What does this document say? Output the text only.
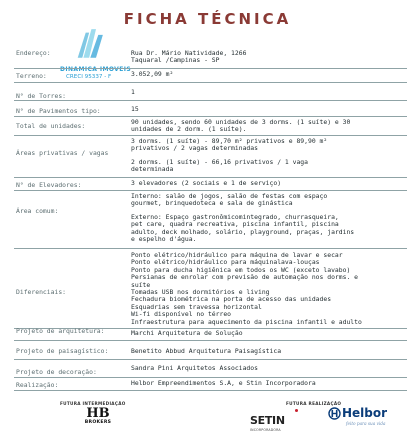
FICHA TÉCNICA
DINAMICA IMOVEIS
CRECI 95337 - F
Endereço:	Rua Dr. Mário Natividade, 1266
Taquaral /Campinas - SP
Terreno:	3.052,09 m²
N° de Torres:	1
N° de Pavimentos tipo:	15
Total de unidades:	90 unidades, sendo 60 unidades de 3 dorms. (1 suíte) e 30
unidades de 2 dorm. (1 suíte).
Áreas privativas / vagas
3 dorms. (1 suíte) - 89,70 m² privativos e 89,90 m²
privativos / 2 vagas determinadas
2 dorms. (1 suíte) - 66,16 privativos / 1 vaga
determinada
N° de Elevadores:	3 elevadores (2 sociais e 1 de serviço)
Área comum:
Interno: salão de jogos, salão de festas com espaço
gourmet, brinquedoteca e sala de ginástica
Externo: Espaço gastronômicomintegrado, churrasqueira,
pet care, quadra recreativa, piscina infantil, piscina
adulto, deck molhado, solário, playground, praças, jardins
e espelho d'água.
Diferenciais:
Ponto elétrico/hidráulico para máquina de lavar e secar
Ponto elétrico/hidráulico para máquinalava-louças
Ponto para ducha higiênica em todos os WC (exceto lavabo)
Persianas de enrolar com previsão de automação nos dorms. e
suíte
Tomadas USB nos dormitórios e living
Fechadura biométrica na porta de acesso das unidades
Esquadrias sem travessa horizontal
Wi-fi disponível no térreo
Infraestrutura para aquecimento da piscina infantil e adulto
Projeto de arquitetura:	Marchi Arquitetura de Solução
Projeto de paisagístico:	Benetito Abbud Arquitetura Paisagística
Projeto de decoração:	Sandra Pini Arquitetos Associados
Realização:	Helbor Empreendimentos S.A, e Stin Incorporadora
FUTURA INTERMEDIAÇÃO	FUTURA REALIZAÇÃO
HB
BROKERS	SETIN
INCORPORADORA
Helbor
feito para sua vida
